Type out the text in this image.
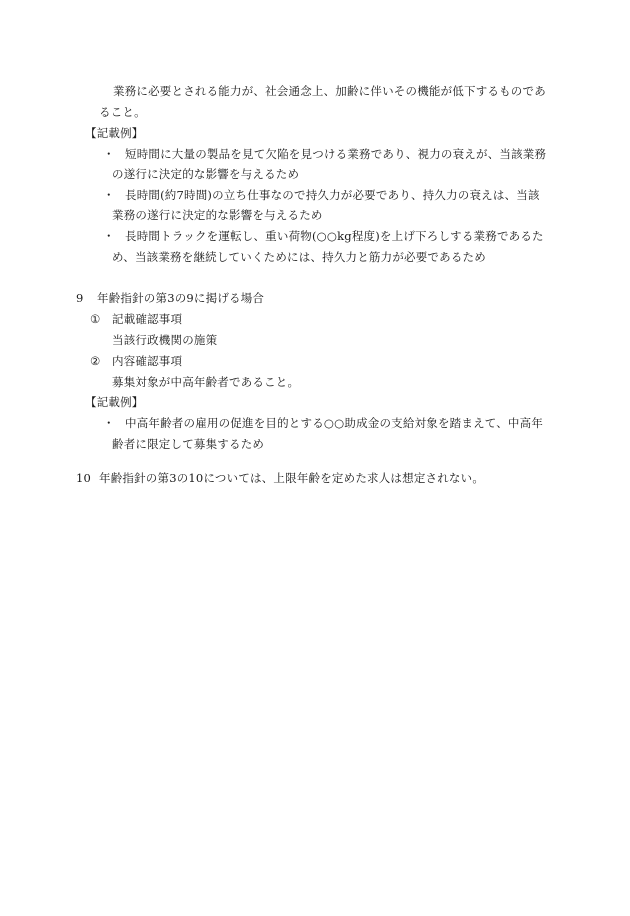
業務に必要とされる能力が、社会通念上、加齢に伴いその機能が低下するものであ
ること。
【記載例】
・ 短時間に大量の製品を見て欠陥を見つける業務であり、視力の衰えが、当該業務
の遂行に決定的な影響を与えるため
・ 長時間(約7時間)の立ち仕事なので持久力が必要であり、持久力の衰えは、当該
業務の遂行に決定的な影響を与えるため
・ 長時間トラックを運転し、重い荷物(○○kg程度)を上げ下ろしする業務であるた
め、当該業務を継続していくためには、持久力と筋力が必要であるため
9 年齢指針の第3の9に掲げる場合
① 記載確認事項
当該行政機関の施策
② 内容確認事項
募集対象が中高年齢者であること。
【記載例】
・ 中高年齢者の雇用の促進を目的とする○○助成金の支給対象を踏まえて、中高年
齢者に限定して募集するため
10 年齢指針の第3の10については、上限年齢を定めた求人は想定されない。
